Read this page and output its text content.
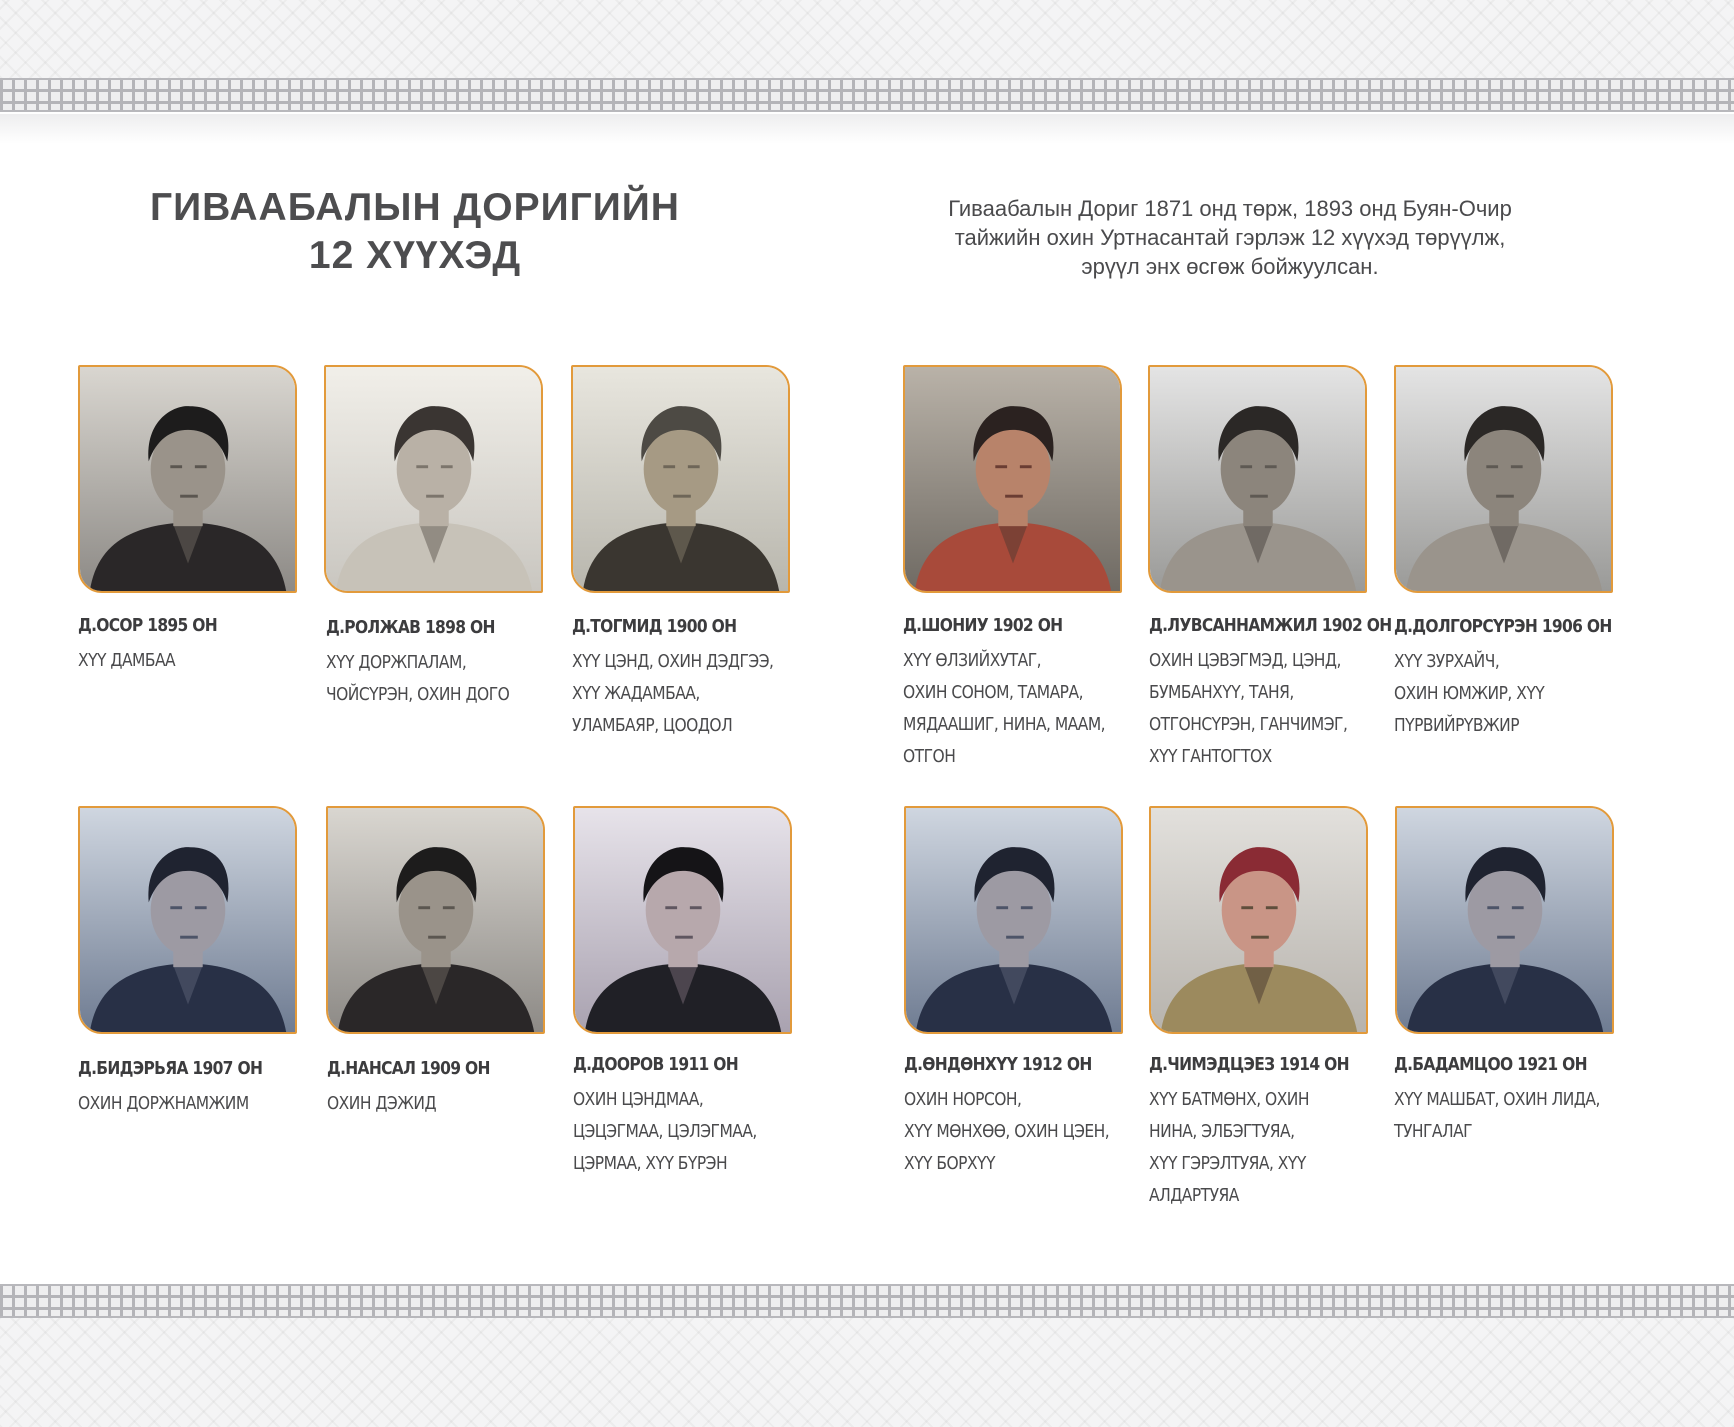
ГИВААБАЛЫН ДОРИГИЙН
12 ХҮҮХЭД

Гиваабалын Дориг 1871 онд төрж, 1893 онд Буян-Очир
тайжийн охин Уртнасантай гэрлэж 12 хүүхэд төрүүлж,
эрүүл энх өсгөж бойжуулсан.

Д.ОСОР 1895 ОН
ХҮҮ ДАМБАА
Д.РОЛЖАВ 1898 ОН
ХҮҮ ДОРЖПАЛАМ,
ЧОЙСҮРЭН, ОХИН ДОГО
Д.ТОГМИД 1900 ОН
ХҮҮ ЦЭНД, ОХИН ДЭДГЭЭ,
ХҮҮ ЖАДАМБАА,
УЛАМБАЯР, ЦООДОЛ
Д.ШОНИУ 1902 ОН
ХҮҮ ӨЛЗИЙХУТАГ,
ОХИН СОНОМ, ТАМАРА,
МЯДААШИГ, НИНА, МААМ,
ОТГОН
Д.ЛУВСАННАМЖИЛ 1902 ОН
ОХИН ЦЭВЭГМЭД, ЦЭНД,
БУМБАНХҮҮ, ТАНЯ,
ОТГОНСҮРЭН, ГАНЧИМЭГ,
ХҮҮ ГАНТОГТОХ
Д.ДОЛГОРСҮРЭН 1906 ОН
ХҮҮ ЗУРХАЙЧ,
ОХИН ЮМЖИР, ХҮҮ
ПҮРВИЙРҮВЖИР
Д.БИДЭРЬЯА 1907 ОН
ОХИН ДОРЖНАМЖИМ
Д.НАНСАЛ 1909 ОН
ОХИН ДЭЖИД
Д.ДООРОВ 1911 ОН
ОХИН ЦЭНДМАА,
ЦЭЦЭГМАА, ЦЭЛЭГМАА,
ЦЭРМАА, ХҮҮ БҮРЭН
Д.ӨНДӨНХҮҮ 1912 ОН
ОХИН НОРСОН,
ХҮҮ МӨНХӨӨ, ОХИН ЦЭЕН,
ХҮҮ БОРХҮҮ
Д.ЧИМЭДЦЭЕЗ 1914 ОН
ХҮҮ БАТМӨНХ, ОХИН
НИНА, ЭЛБЭГТУЯА,
ХҮҮ ГЭРЭЛТУЯА, ХҮҮ
АЛДАРТУЯА
Д.БАДАМЦОО 1921 ОН
ХҮҮ МАШБАТ, ОХИН ЛИДА,
ТУНГАЛАГ
